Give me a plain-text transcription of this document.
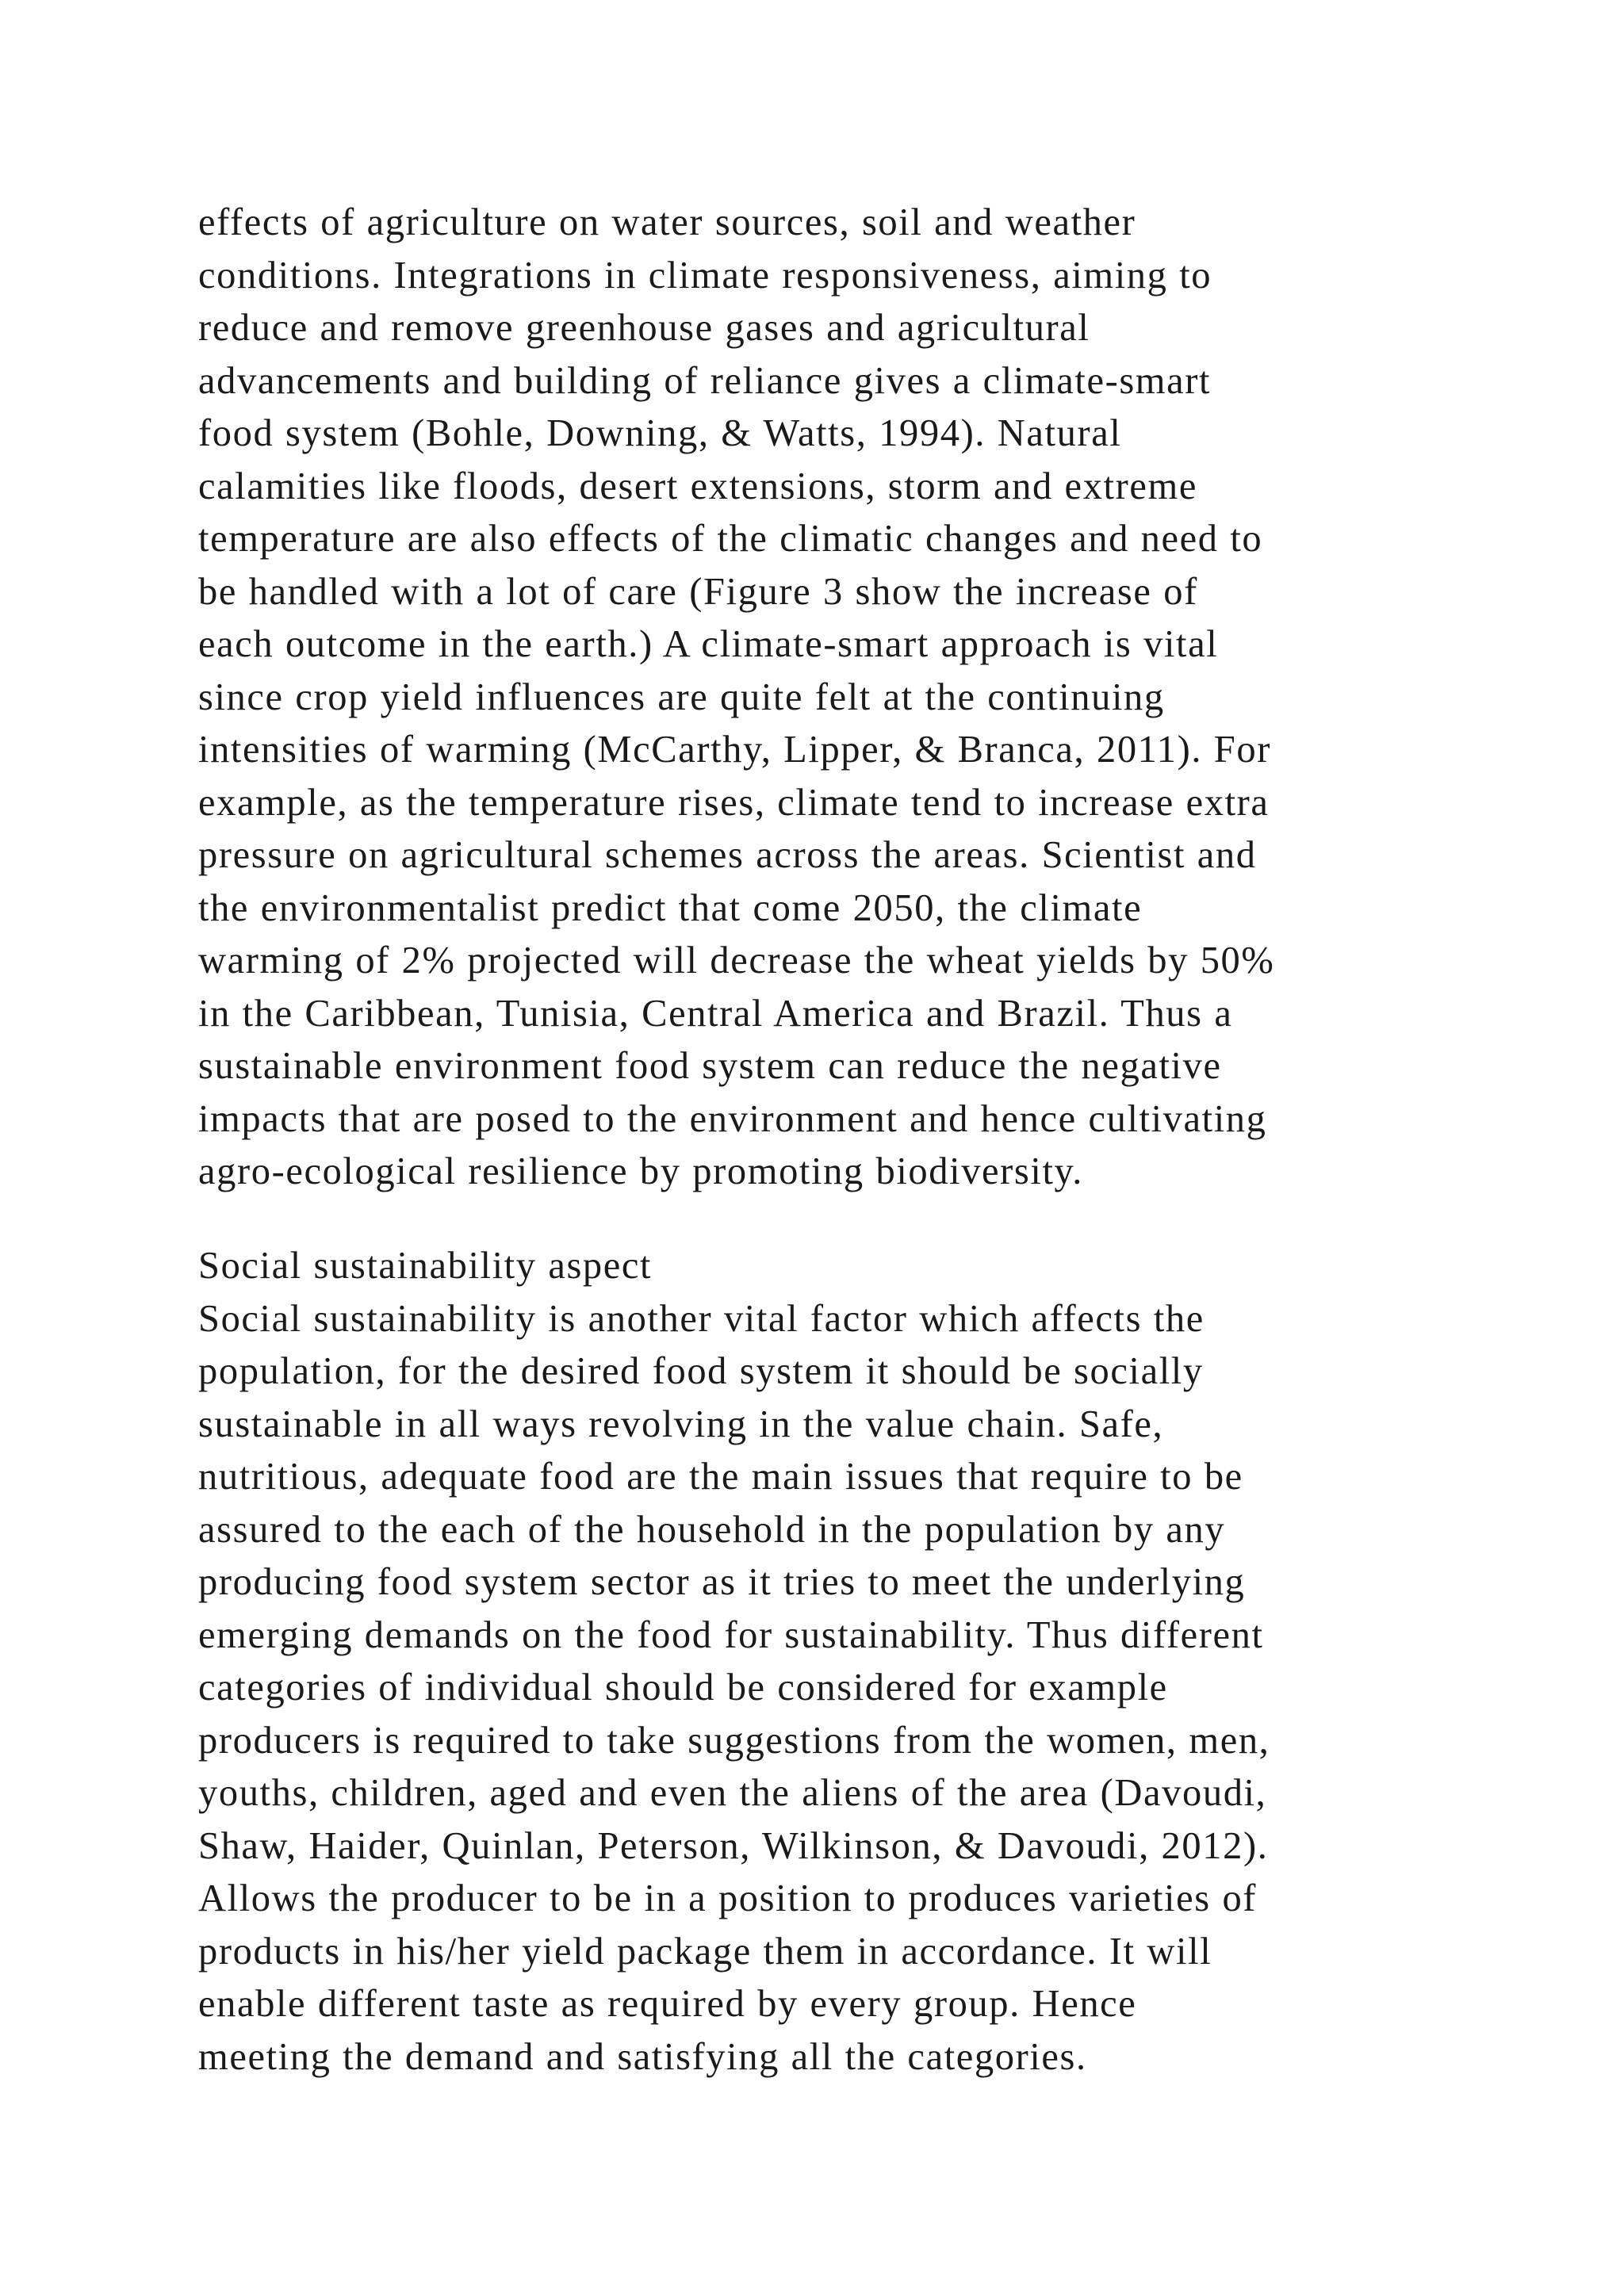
effects of agriculture on water sources, soil and weather
conditions. Integrations in climate responsiveness, aiming to
reduce and remove greenhouse gases and agricultural
advancements and building of reliance gives a climate-smart
food system (Bohle, Downing, & Watts, 1994). Natural
calamities like floods, desert extensions, storm and extreme
temperature are also effects of the climatic changes and need to
be handled with a lot of care (Figure 3 show the increase of
each outcome in the earth.) A climate-smart approach is vital
since crop yield influences are quite felt at the continuing
intensities of warming (McCarthy, Lipper, & Branca, 2011). For
example, as the temperature rises, climate tend to increase extra
pressure on agricultural schemes across the areas. Scientist and
the environmentalist predict that come 2050, the climate
warming of 2% projected will decrease the wheat yields by 50%
in the Caribbean, Tunisia, Central America and Brazil. Thus a
sustainable environment food system can reduce the negative
impacts that are posed to the environment and hence cultivating
agro-ecological resilience by promoting biodiversity.
Social sustainability aspect
Social sustainability is another vital factor which affects the
population, for the desired food system it should be socially
sustainable in all ways revolving in the value chain. Safe,
nutritious, adequate food are the main issues that require to be
assured to the each of the household in the population by any
producing food system sector as it tries to meet the underlying
emerging demands on the food for sustainability. Thus different
categories of individual should be considered for example
producers is required to take suggestions from the women, men,
youths, children, aged and even the aliens of the area (Davoudi,
Shaw, Haider, Quinlan, Peterson, Wilkinson, & Davoudi, 2012).
Allows the producer to be in a position to produces varieties of
products in his/her yield package them in accordance. It will
enable different taste as required by every group. Hence
meeting the demand and satisfying all the categories.
